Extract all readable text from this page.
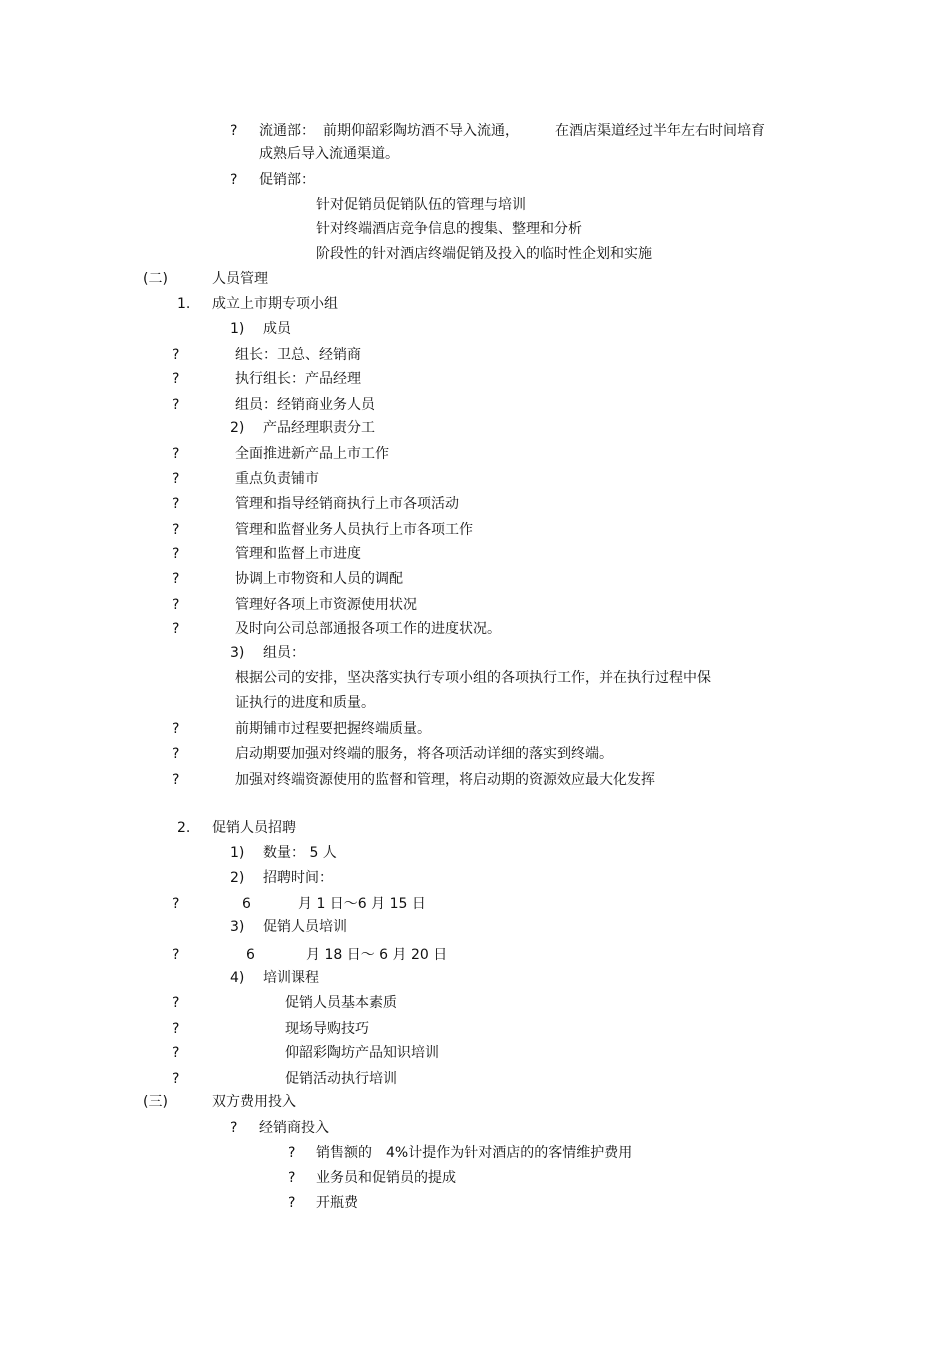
? 流通部： 前期仰韶彩陶坊酒不导入流通，	在酒店渠道经过半年左右时间培育
成熟后导入流通渠道。
? 促销部：
针对促销员促销队伍的管理与培训
针对终端酒店竞争信息的搜集、整理和分析
阶段性的针对酒店终端促销及投入的临时性企划和实施
(二)	人员管理
1. 成立上市期专项小组
1) 成员
?	组长：卫总、经销商
?	执行组长：产品经理
?	组员：经销商业务人员
2) 产品经理职责分工
?	全面推进新产品上市工作
?	重点负责铺市
?	管理和指导经销商执行上市各项活动
?	管理和监督业务人员执行上市各项工作
?	管理和监督上市进度
?	协调上市物资和人员的调配
?	管理好各项上市资源使用状况
?	及时向公司总部通报各项工作的进度状况。
3) 组员：
根据公司的安排，坚决落实执行专项小组的各项执行工作，并在执行过程中保
证执行的进度和质量。
?	前期铺市过程要把握终端质量。
?	启动期要加强对终端的服务，将各项活动详细的落实到终端。
?	加强对终端资源使用的监督和管理，将启动期的资源效应最大化发挥
2. 促销人员招聘
1) 数量： 5 人
2) 招聘时间：
?	6	月 1 日～6 月 15 日
3) 促销人员培训
?	6	月 18 日～ 6 月 20 日
4) 培训课程
?	促销人员基本素质
?	现场导购技巧
?	仰韶彩陶坊产品知识培训
?	促销活动执行培训
(三)	双方费用投入
? 经销商投入
? 销售额的 4%计提作为针对酒店的的客情维护费用
? 业务员和促销员的提成
? 开瓶费
